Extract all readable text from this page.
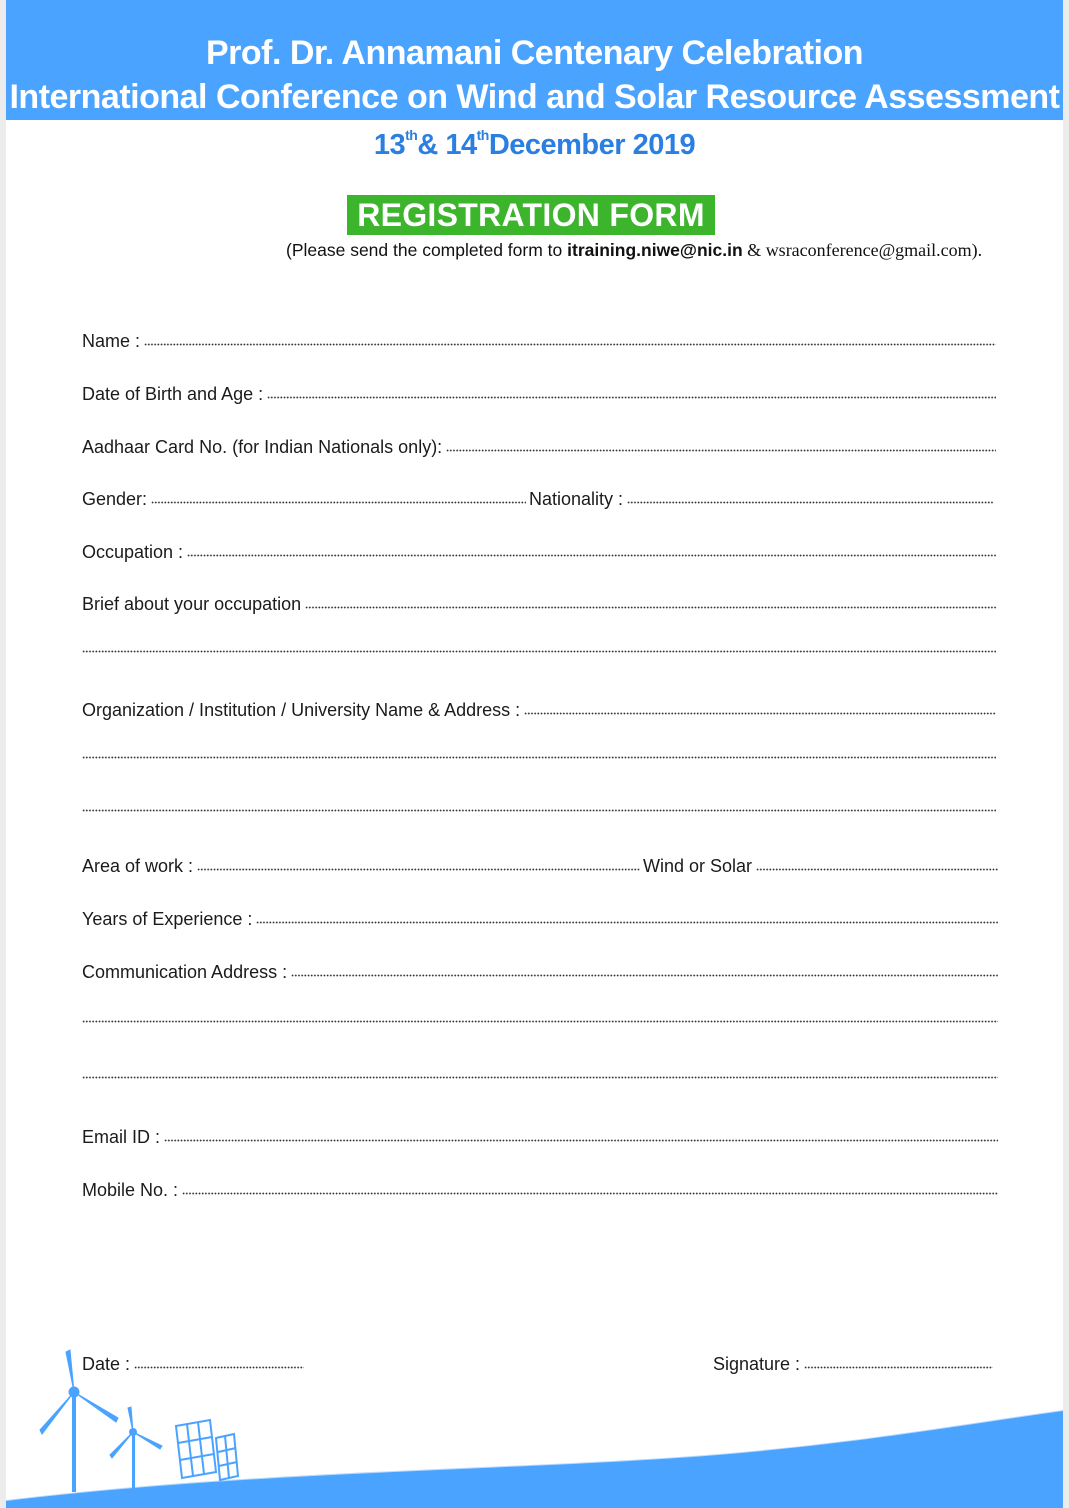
Prof. Dr. Annamani Centenary Celebration
International Conference on Wind and Solar Resource Assessment
13th& 14thDecember 2019
REGISTRATION FORM
(Please send the completed form to itraining.niwe@nic.in & wsraconference@gmail.com).
Name :
Date of Birth and Age :
Aadhaar Card No. (for Indian Nationals only):
Gender:	Nationality :
Occupation :
Brief about your occupation
Organization / Institution / University Name & Address :
Area of work :	Wind or Solar
Years of Experience :
Communication Address :
Email ID :
Mobile No. :
Date :	Signature :
